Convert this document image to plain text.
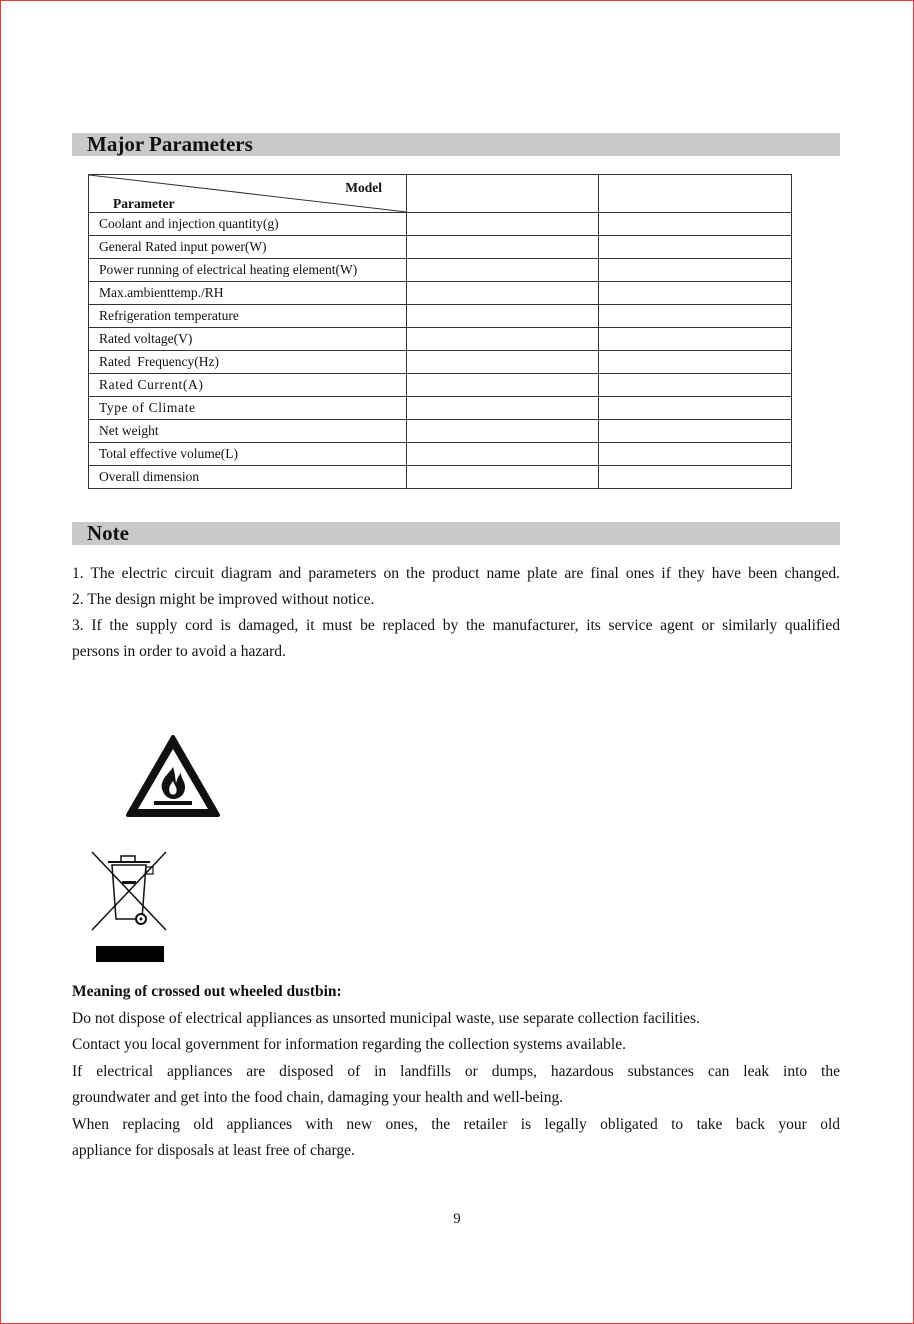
Major Parameters
Model
Parameter		

Coolant and injection quantity(g)		
General Rated input power(W)		
Power running of electrical heating element(W)		
Max.ambienttemp./RH		
Refrigeration temperature		
Rated voltage(V)		
Rated  Frequency(Hz)		
Rated Current(A)		
Type of Climate		
Net weight		
Total effective volume(L)		
Overall dimension		
Note

1. The electric circuit diagram and parameters on the product name plate are final ones if they have been changed.

2. The design might be improved without notice.

3. If the supply cord is damaged, it must be replaced by the manufacturer, its service agent or similarly qualified

persons in order to avoid a hazard.

Meaning of crossed out wheeled dustbin:

Do not dispose of electrical appliances as unsorted municipal waste, use separate collection facilities.

Contact you local government for information regarding the collection systems available.

If electrical appliances are disposed of in landfills or dumps, hazardous substances can leak into the

groundwater and get into the food chain, damaging your health and well-being.

When replacing old appliances with new ones, the retailer is legally obligated to take back your old

appliance for disposals at least free of charge.

9
